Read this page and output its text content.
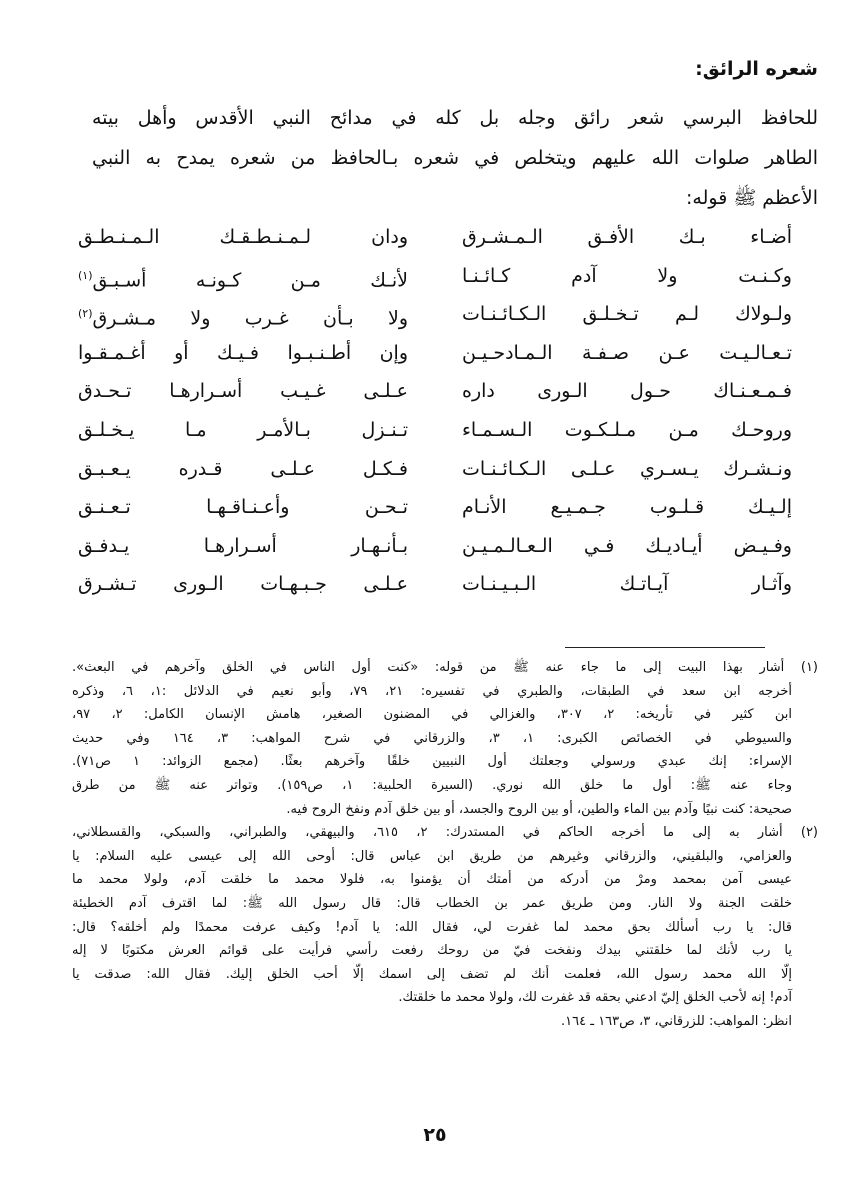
شعره الرائق:
للحافظ البرسي شعر رائق وجله بل كله في مدائح النبي الأقدس وأهل بيته
الطاهر صلوات الله عليهم ويتخلص في شعره بـالحافظ من شعره يمدح به النبي
الأعظم ﷺ قوله:
أضـاء بـك الأفـق الـمـشـرق
ودان لـمـنـطـقـك الـمـنـطـق
وكـنـت ولا آدم كـائـنـا
لأنـك مـن كـونـه أسـبـق$^{(١)}$
ولـولاك لـم تـخـلـق الـكـائـنـات
ولا بـأن غـرب ولا مـشـرق$^{(٢)}$
تـعـالـيـت عـن صـفـة الـمـادحـيـن
وإن أطـنـبـوا فـيـك أو أغـمـقـوا
فـمـعـنـاك حـول الـورى داره
عـلـى غـيـب أسـرارهـا تـحـدق
وروحـك مـن مـلـكـوت الـسـمـاء
تـنـزل بـالأمـر مـا يـخـلـق
ونـشـرك يـسـري عـلـى الـكـائـنـات
فـكـل عـلـى قـدره يـعـبـق
إلـيـك قـلـوب جـمـيـع الأنـام
تـحـن وأعـنـاقـهـا تـعـنـق
وفـيـض أيـاديـك فـي الـعـالـمـيـن
بـأنـهـار أسـرارهـا يـدفـق
وآثـار آيـاتـك الـبـيـنـات
عـلـى جـبـهـات الـورى تـشـرق
(١) أشار بهذا البيت إلى ما جاء عنه ﷺ من قوله: «كنت أول الناس في الخلق وآخرهم في البعث».
أخرجه ابن سعد في الطبقات، والطبري في تفسيره: ٢١، ٧٩، وأبو نعيم في الدلائل :١، ٦، وذكره
ابن كثير في تأريخه: ٢، ٣٠٧، والغزالي في المضنون الصغير، هامش الإنسان الكامل: ٢، ٩٧،
والسيوطي في الخصائص الكبرى: ١، ٣، والزرقاني في شرح المواهب: ٣، ١٦٤ وفي حديث
الإسراء: إنك عبدي ورسولي وجعلتك أول النبيين خلقًا وآخرهم بعثًا. (مجمع الزوائد: ١ ص٧١).
وجاء عنه ﷺ: أول ما خلق الله نوري. (السيرة الحلبية: ١، ص١٥٩). وتواتر عنه ﷺ من طرق
صحيحة: كنت نبيًا وآدم بين الماء والطين، أو بين الروح والجسد، أو بين خلق آدم ونفخ الروح فيه.
(٢) أشار به إلى ما أخرجه الحاكم في المستدرك: ٢، ٦١٥، والبيهقي، والطبراني، والسبكي، والقسطلاني،
والعزامي، والبلقيني، والزرقاني وغيرهم من طريق ابن عباس قال: أوحى الله إلى عيسى عليه السلام: يا
عيسى آمن بمحمد ومرْ من أدركه من أمتك أن يؤمنوا به، فلولا محمد ما خلقت آدم، ولولا محمد ما
خلقت الجنة ولا النار. ومن طريق عمر بن الخطاب قال: قال رسول الله ﷺ: لما اقترف آدم الخطيئة
قال: يا رب أسألك بحق محمد لما غفرت لي، فقال الله: يا آدم! وكيف عرفت محمدًا ولم أخلقه؟ قال:
يا رب لأنك لما خلقتني بيدك ونفخت فيّ من روحك رفعت رأسي فرأيت على قوائم العرش مكتوبًا لا إله
إلّا الله محمد رسول الله، فعلمت أنك لم تضف إلى اسمك إلّا أحب الخلق إليك. فقال الله: صدقت يا
آدم! إنه لأحب الخلق إليّ ادعني بحقه قد غفرت لك، ولولا محمد ما خلقتك.
انظر: المواهب: للزرقاني، ٣، ص١٦٣ ـ ١٦٤.
٢٥
